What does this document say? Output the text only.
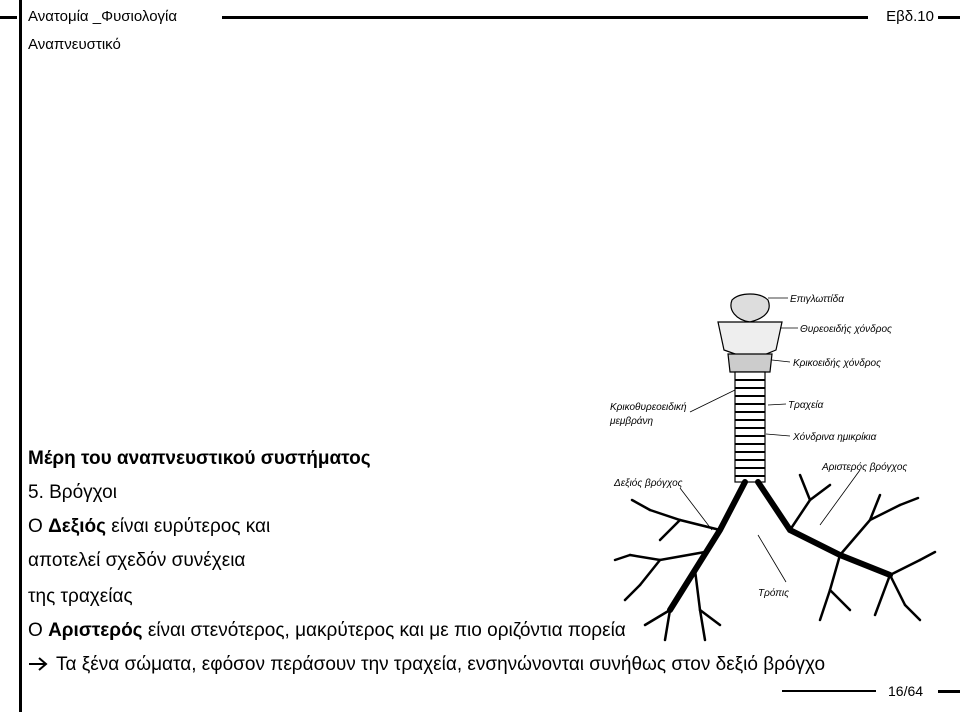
Ανατομία _Φυσιολογία
Αναπνευστικό
Εβδ.10
Επιγλωττίδα
Θυρεοειδής χόνδρος
Κρικοειδής χόνδρος
Κρικοθυρεοειδική
μεμβράνη
Τραχεία
Χόνδρινα ημικρίκια
Αριστερός βρόγχος
Δεξιός βρόγχος
Τρόπις
Μέρη του αναπνευστικού συστήματος
5. Βρόγχοι
Ο Δεξιός είναι ευρύτερος και
αποτελεί σχεδόν συνέχεια
της τραχείας
Ο Αριστερός είναι στενότερος, μακρύτερος και με πιο οριζόντια πορεία
Τα ξένα σώματα, εφόσον περάσουν την τραχεία, ενσηνώνονται συνήθως στον δεξιό βρόγχο
16/64
